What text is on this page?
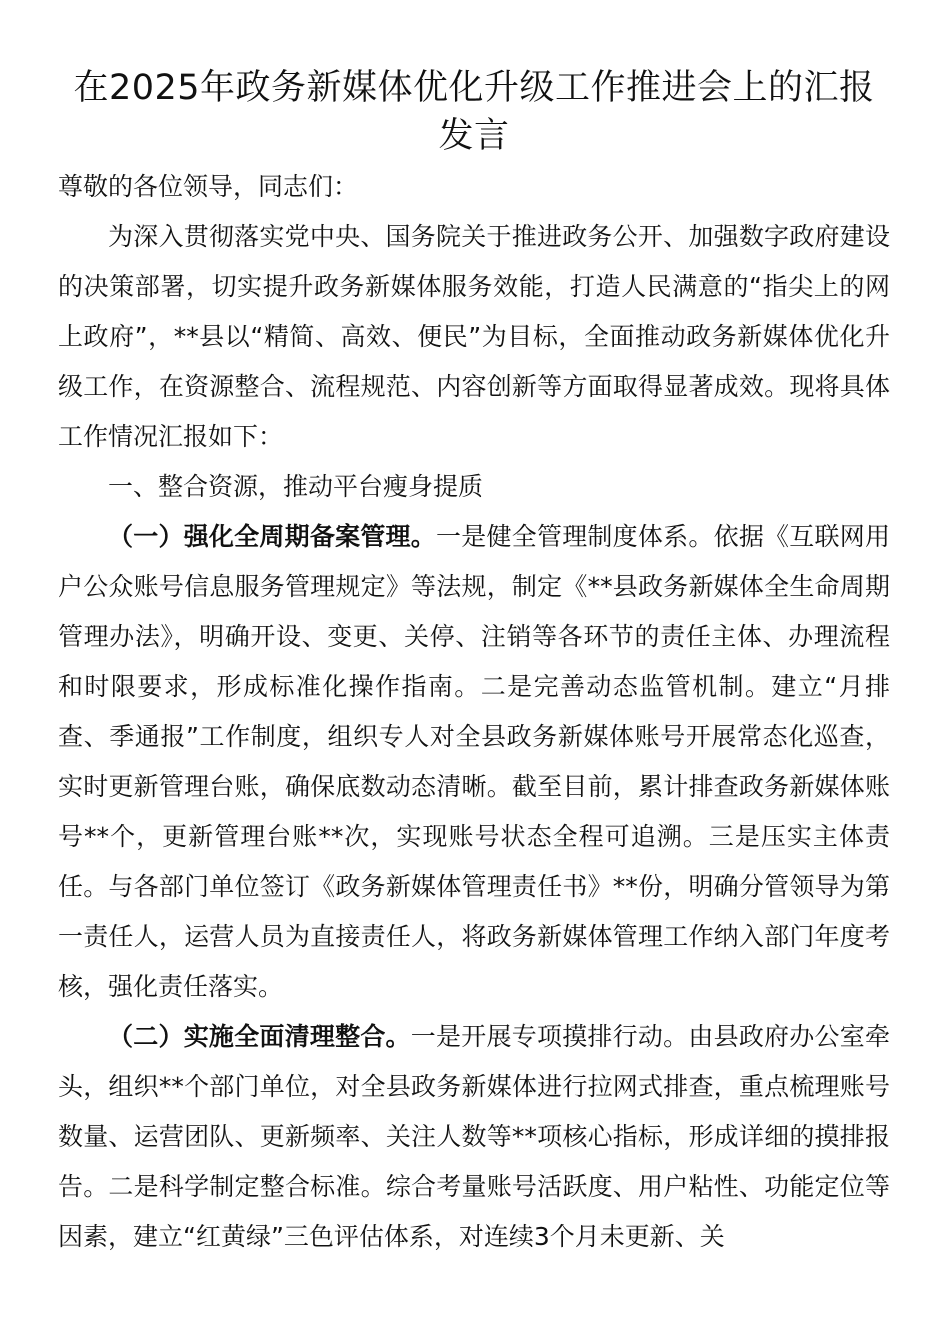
在2025年政务新媒体优化升级工作推进会上的汇报发言

尊敬的各位领导，同志们：

为深入贯彻落实党中央、国务院关于推进政务公开、加强数字政府建设的决策部署，切实提升政务新媒体服务效能，打造人民满意的“指尖上的网上政府”，**县以“精简、高效、便民”为目标，全面推动政务新媒体优化升级工作，在资源整合、流程规范、内容创新等方面取得显著成效。现将具体工作情况汇报如下：

一、整合资源，推动平台瘦身提质

（一）强化全周期备案管理。一是健全管理制度体系。依据《互联网用户公众账号信息服务管理规定》等法规，制定《**县政务新媒体全生命周期管理办法》，明确开设、变更、关停、注销等各环节的责任主体、办理流程和时限要求，形成标准化操作指南。二是完善动态监管机制。建立“月排查、季通报”工作制度，组织专人对全县政务新媒体账号开展常态化巡查，实时更新管理台账，确保底数动态清晰。截至目前，累计排查政务新媒体账号**个，更新管理台账**次，实现账号状态全程可追溯。三是压实主体责任。与各部门单位签订《政务新媒体管理责任书》**份，明确分管领导为第一责任人，运营人员为直接责任人，将政务新媒体管理工作纳入部门年度考核，强化责任落实。

（二）实施全面清理整合。一是开展专项摸排行动。由县政府办公室牵头，组织**个部门单位，对全县政务新媒体进行拉网式排查，重点梳理账号数量、运营团队、更新频率、关注人数等**项核心指标，形成详细的摸排报告。二是科学制定整合标准。综合考量账号活跃度、用户粘性、功能定位等因素，建立“红黄绿”三色评估体系，对连续3个月未更新、关
